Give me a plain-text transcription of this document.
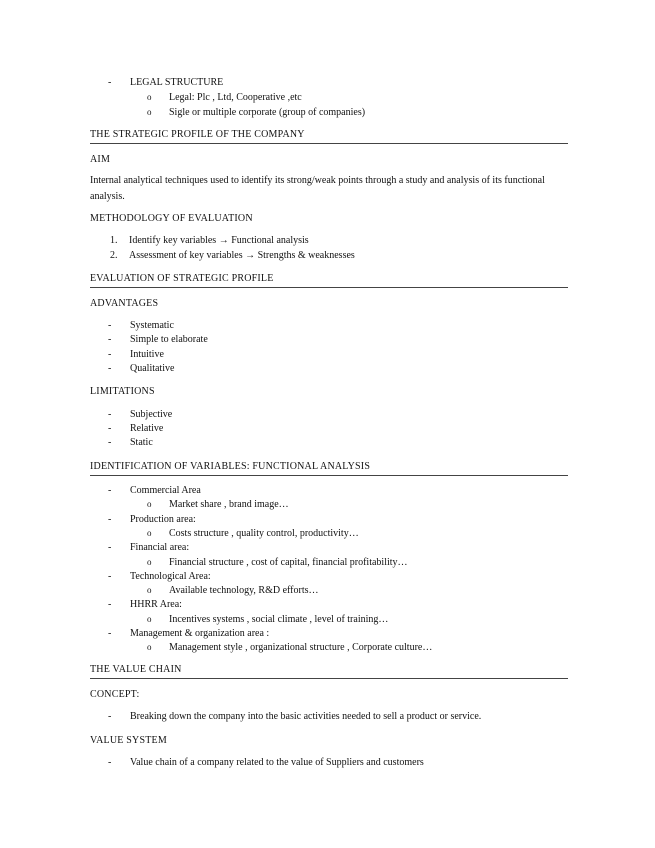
- LEGAL STRUCTURE
o Legal: Plc , Ltd, Cooperative ,etc
o Sigle or multiple corporate (group of companies)
THE STRATEGIC PROFILE OF THE COMPANY
AIM
Internal analytical techniques used to identify its strong/weak points through a study and analysis of its functional analysis.
METHODOLOGY OF EVALUATION
1. Identify key variables → Functional analysis
2. Assessment of key variables → Strengths & weaknesses
EVALUATION OF STRATEGIC PROFILE
ADVANTAGES
- Systematic
- Simple to elaborate
- Intuitive
- Qualitative
LIMITATIONS
- Subjective
- Relative
- Static
IDENTIFICATION OF VARIABLES: FUNCTIONAL ANALYSIS
- Commercial Area
o Market share , brand image…
- Production area:
o Costs structure , quality control, productivity…
- Financial area:
o Financial structure , cost of capital, financial profitability…
- Technological Area:
o Available technology, R&D efforts…
- HHRR Area:
o Incentives systems , social climate , level of training…
- Management & organization area :
o Management style , organizational structure , Corporate culture…
THE VALUE CHAIN
CONCEPT:
- Breaking down the company into the basic activities needed to sell a product or service.
VALUE SYSTEM
- Value chain of a company related to the value of Suppliers and customers
